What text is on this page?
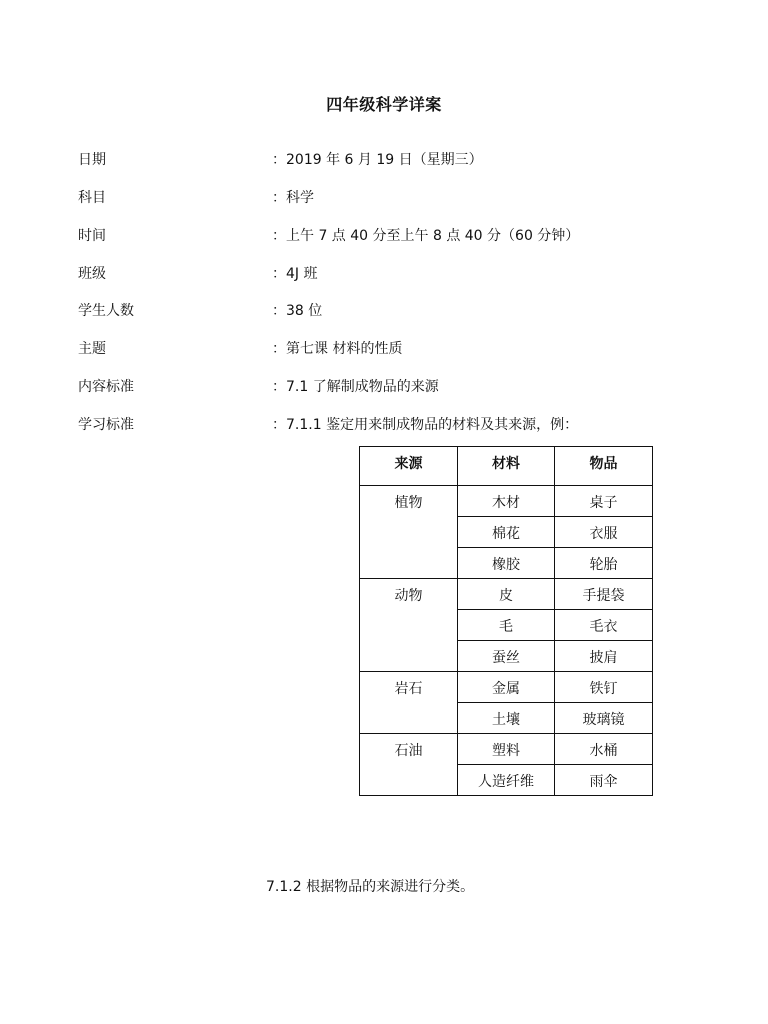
四年级科学详案
日期	：2019 年 6 月 19 日（星期三）
科目	：科学
时间	：上午 7 点 40 分至上午 8 点 40 分（60 分钟）
班级	：4J 班
学生人数	：38 位
主题	：第七课 材料的性质
内容标准	：7.1 了解制成物品的来源
学习标准	：7.1.1 鉴定用来制成物品的材料及其来源，例：
来源	材料	物品
植物	木材	桌子
	棉花	衣服
	橡胶	轮胎
动物	皮	手提袋
	毛	毛衣
	蚕丝	披肩
岩石	金属	铁钉
	土壤	玻璃镜
石油	塑料	水桶
	人造纤维	雨伞
7.1.2 根据物品的来源进行分类。
